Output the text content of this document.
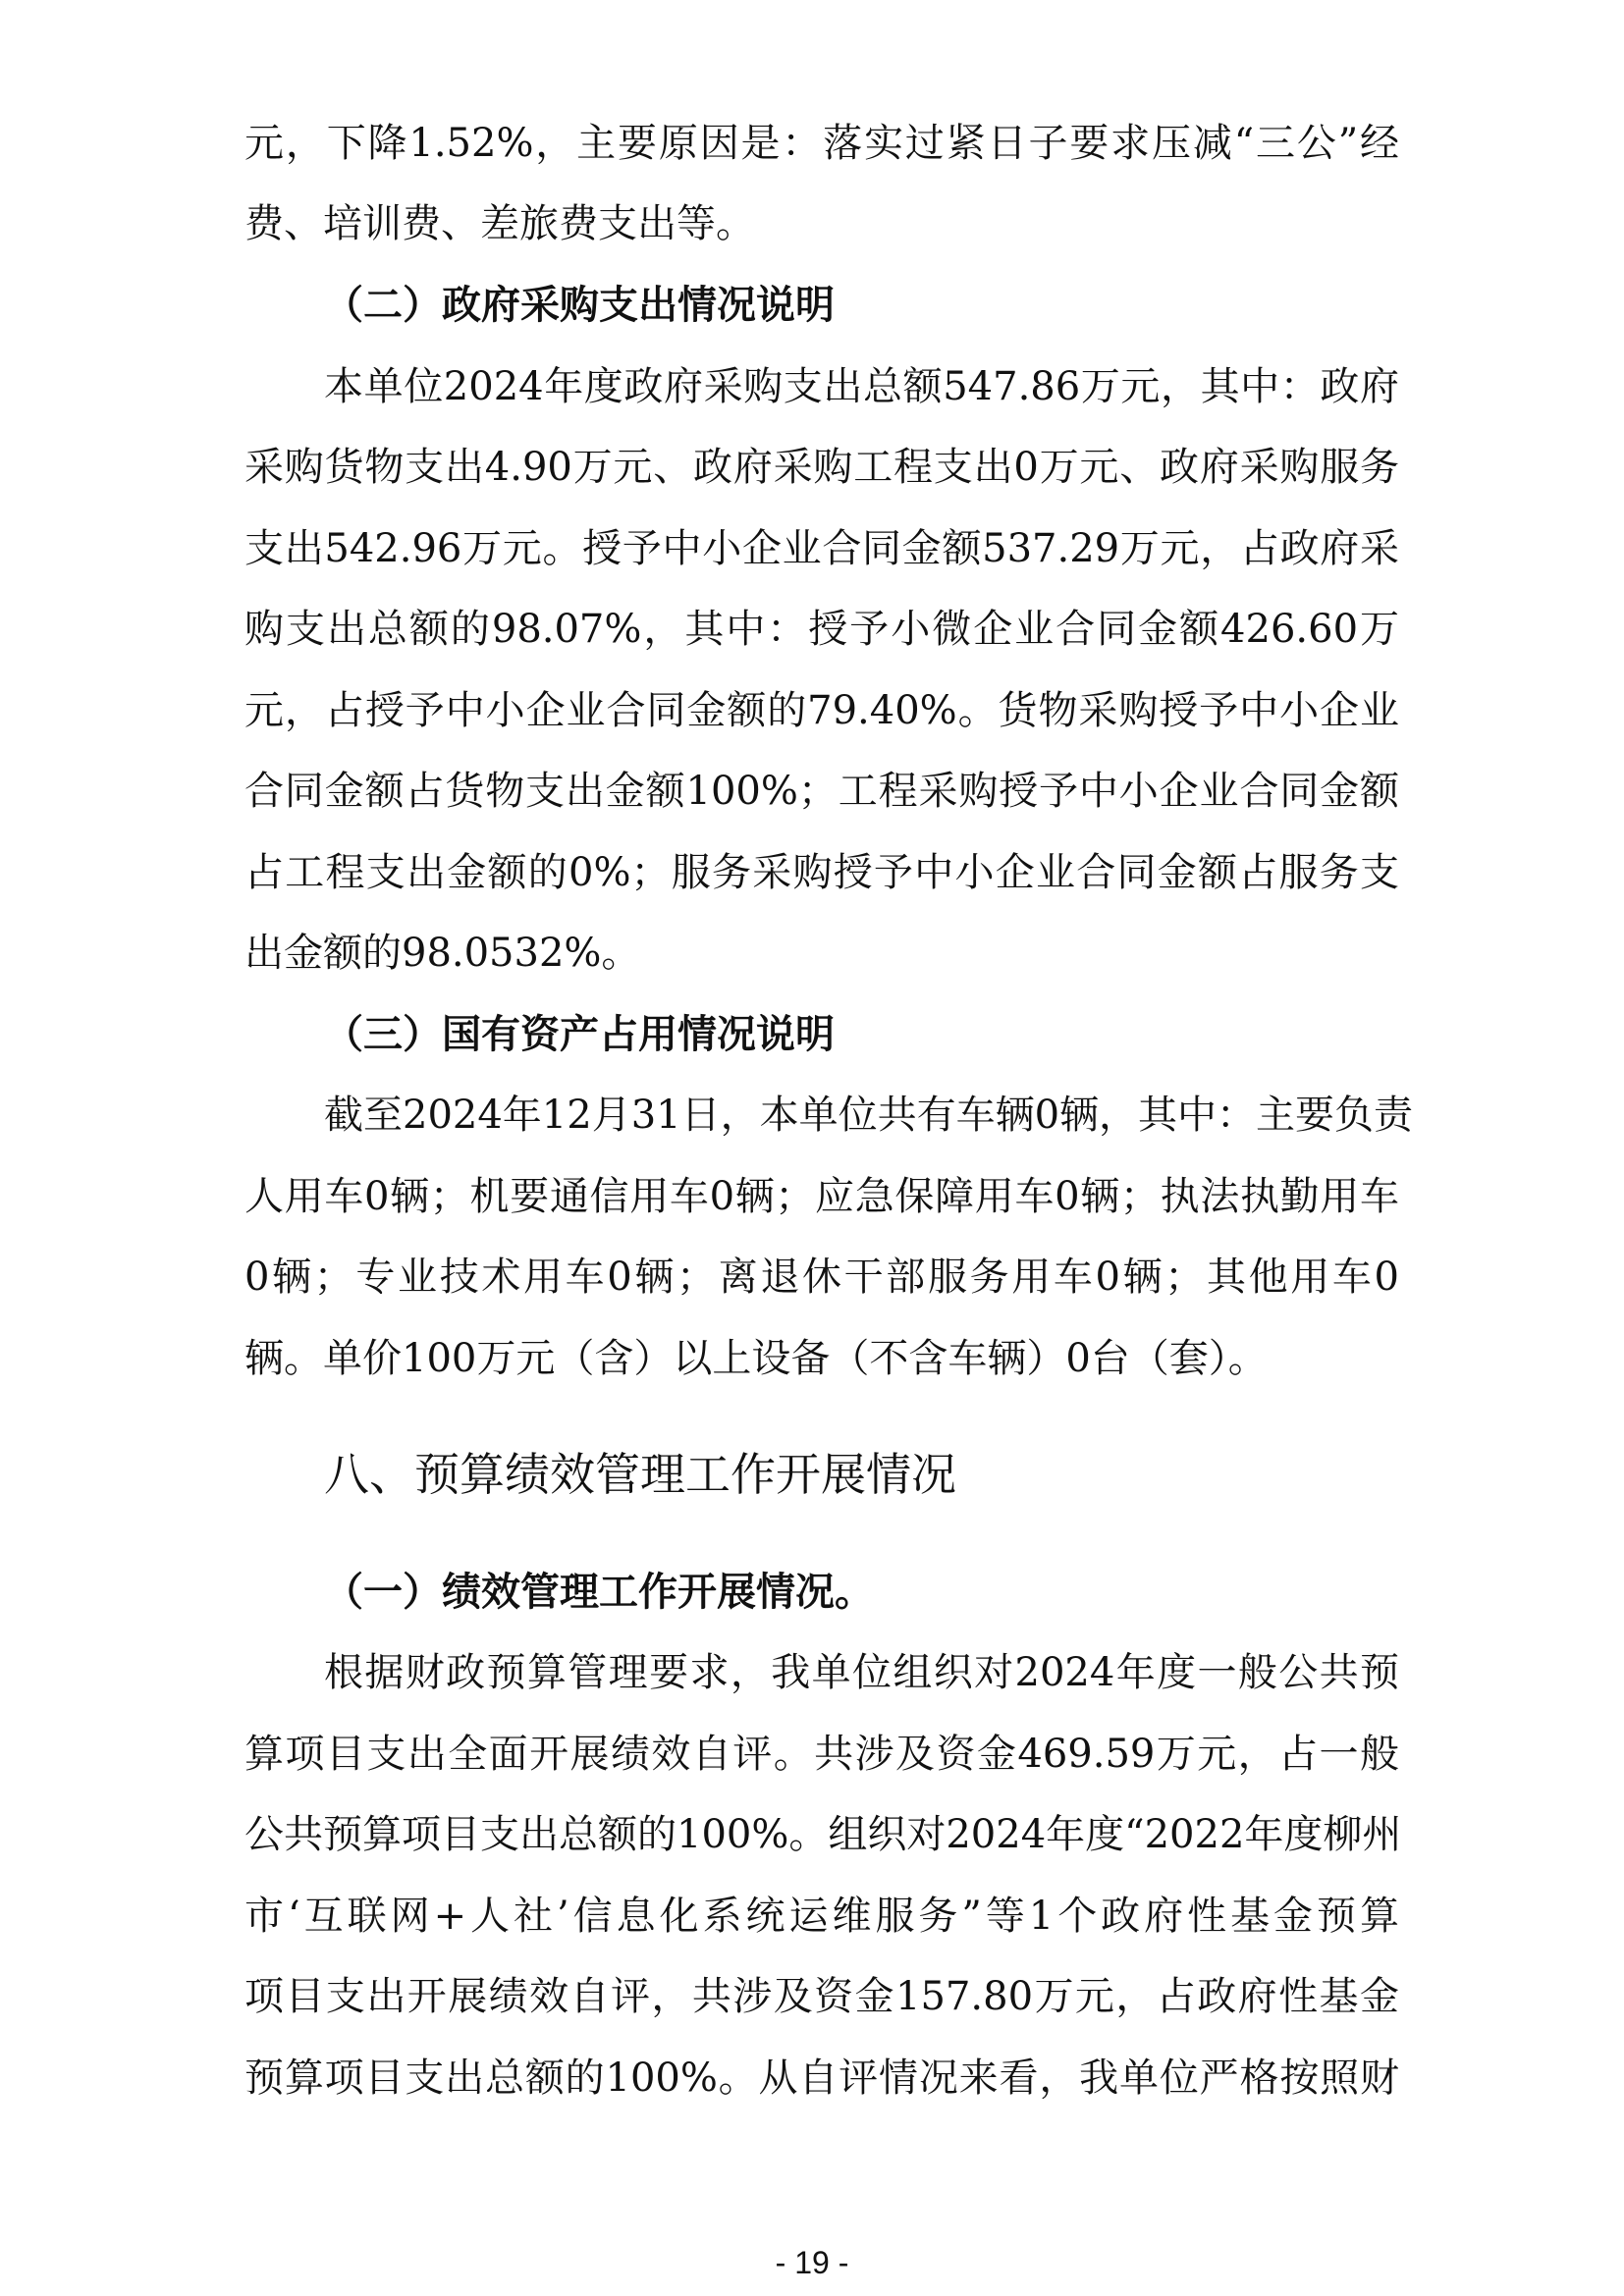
元，下降1.52%，主要原因是：落实过紧日子要求压减“三公”经
费、培训费、差旅费支出等。
（二）政府采购支出情况说明
本单位2024年度政府采购支出总额547.86万元，其中：政府
采购货物支出4.90万元、政府采购工程支出0万元、政府采购服务
支出542.96万元。授予中小企业合同金额537.29万元，占政府采
购支出总额的98.07%，其中：授予小微企业合同金额426.60万
元，占授予中小企业合同金额的79.40%。货物采购授予中小企业
合同金额占货物支出金额100%；工程采购授予中小企业合同金额
占工程支出金额的0%；服务采购授予中小企业合同金额占服务支
出金额的98.0532%。
（三）国有资产占用情况说明
截至2024年12月31日，本单位共有车辆0辆，其中：主要负责
人用车0辆；机要通信用车0辆；应急保障用车0辆；执法执勤用车
0辆；专业技术用车0辆；离退休干部服务用车0辆；其他用车0
辆。单价100万元（含）以上设备（不含车辆）0台（套）。
八、预算绩效管理工作开展情况
（一）绩效管理工作开展情况。
根据财政预算管理要求，我单位组织对2024年度一般公共预
算项目支出全面开展绩效自评。共涉及资金469.59万元，占一般
公共预算项目支出总额的100%。组织对2024年度“2022年度柳州
市‘互联网+人社’信息化系统运维服务”等1个政府性基金预算
项目支出开展绩效自评，共涉及资金157.80万元，占政府性基金
预算项目支出总额的100%。从自评情况来看，我单位严格按照财
- 19 -
